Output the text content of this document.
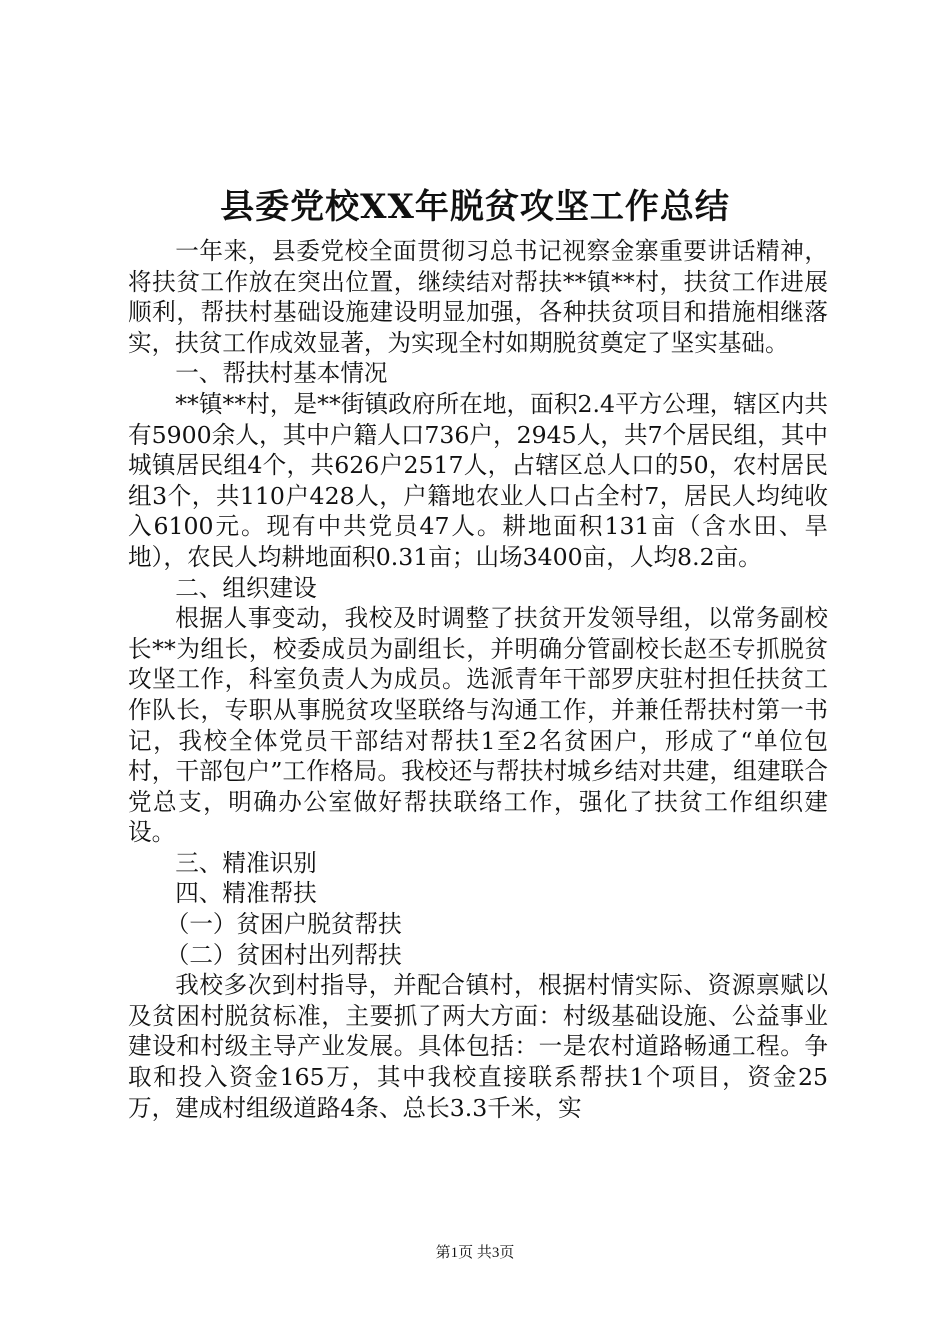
县委党校XX年脱贫攻坚工作总结

一年来，县委党校全面贯彻习总书记视察金寨重要讲话精神，将扶贫工作放在突出位置，继续结对帮扶**镇**村，扶贫工作进展顺利，帮扶村基础设施建设明显加强，各种扶贫项目和措施相继落实，扶贫工作成效显著，为实现全村如期脱贫奠定了坚实基础。

一、帮扶村基本情况

**镇**村，是**街镇政府所在地，面积2.4平方公理，辖区内共有5900余人，其中户籍人口736户，2945人，共7个居民组，其中城镇居民组4个，共626户2517人，占辖区总人口的50，农村居民组3个，共110户428人，户籍地农业人口占全村7，居民人均纯收入6100元。现有中共党员47人。耕地面积131亩（含水田、旱地），农民人均耕地面积0.31亩；山场3400亩，人均8.2亩。

二、组织建设

根据人事变动，我校及时调整了扶贫开发领导组，以常务副校长**为组长，校委成员为副组长，并明确分管副校长赵丕专抓脱贫攻坚工作，科室负责人为成员。选派青年干部罗庆驻村担任扶贫工作队长，专职从事脱贫攻坚联络与沟通工作，并兼任帮扶村第一书记，我校全体党员干部结对帮扶1至2名贫困户，形成了“单位包村，干部包户”工作格局。我校还与帮扶村城乡结对共建，组建联合党总支，明确办公室做好帮扶联络工作，强化了扶贫工作组织建设。

三、精准识别

四、精准帮扶

（一）贫困户脱贫帮扶

（二）贫困村出列帮扶

我校多次到村指导，并配合镇村，根据村情实际、资源禀赋以及贫困村脱贫标准，主要抓了两大方面：村级基础设施、公益事业建设和村级主导产业发展。具体包括：一是农村道路畅通工程。争取和投入资金165万，其中我校直接联系帮扶1个项目，资金25万，建成村组级道路4条、总长3.3千米，实

第1页 共3页
